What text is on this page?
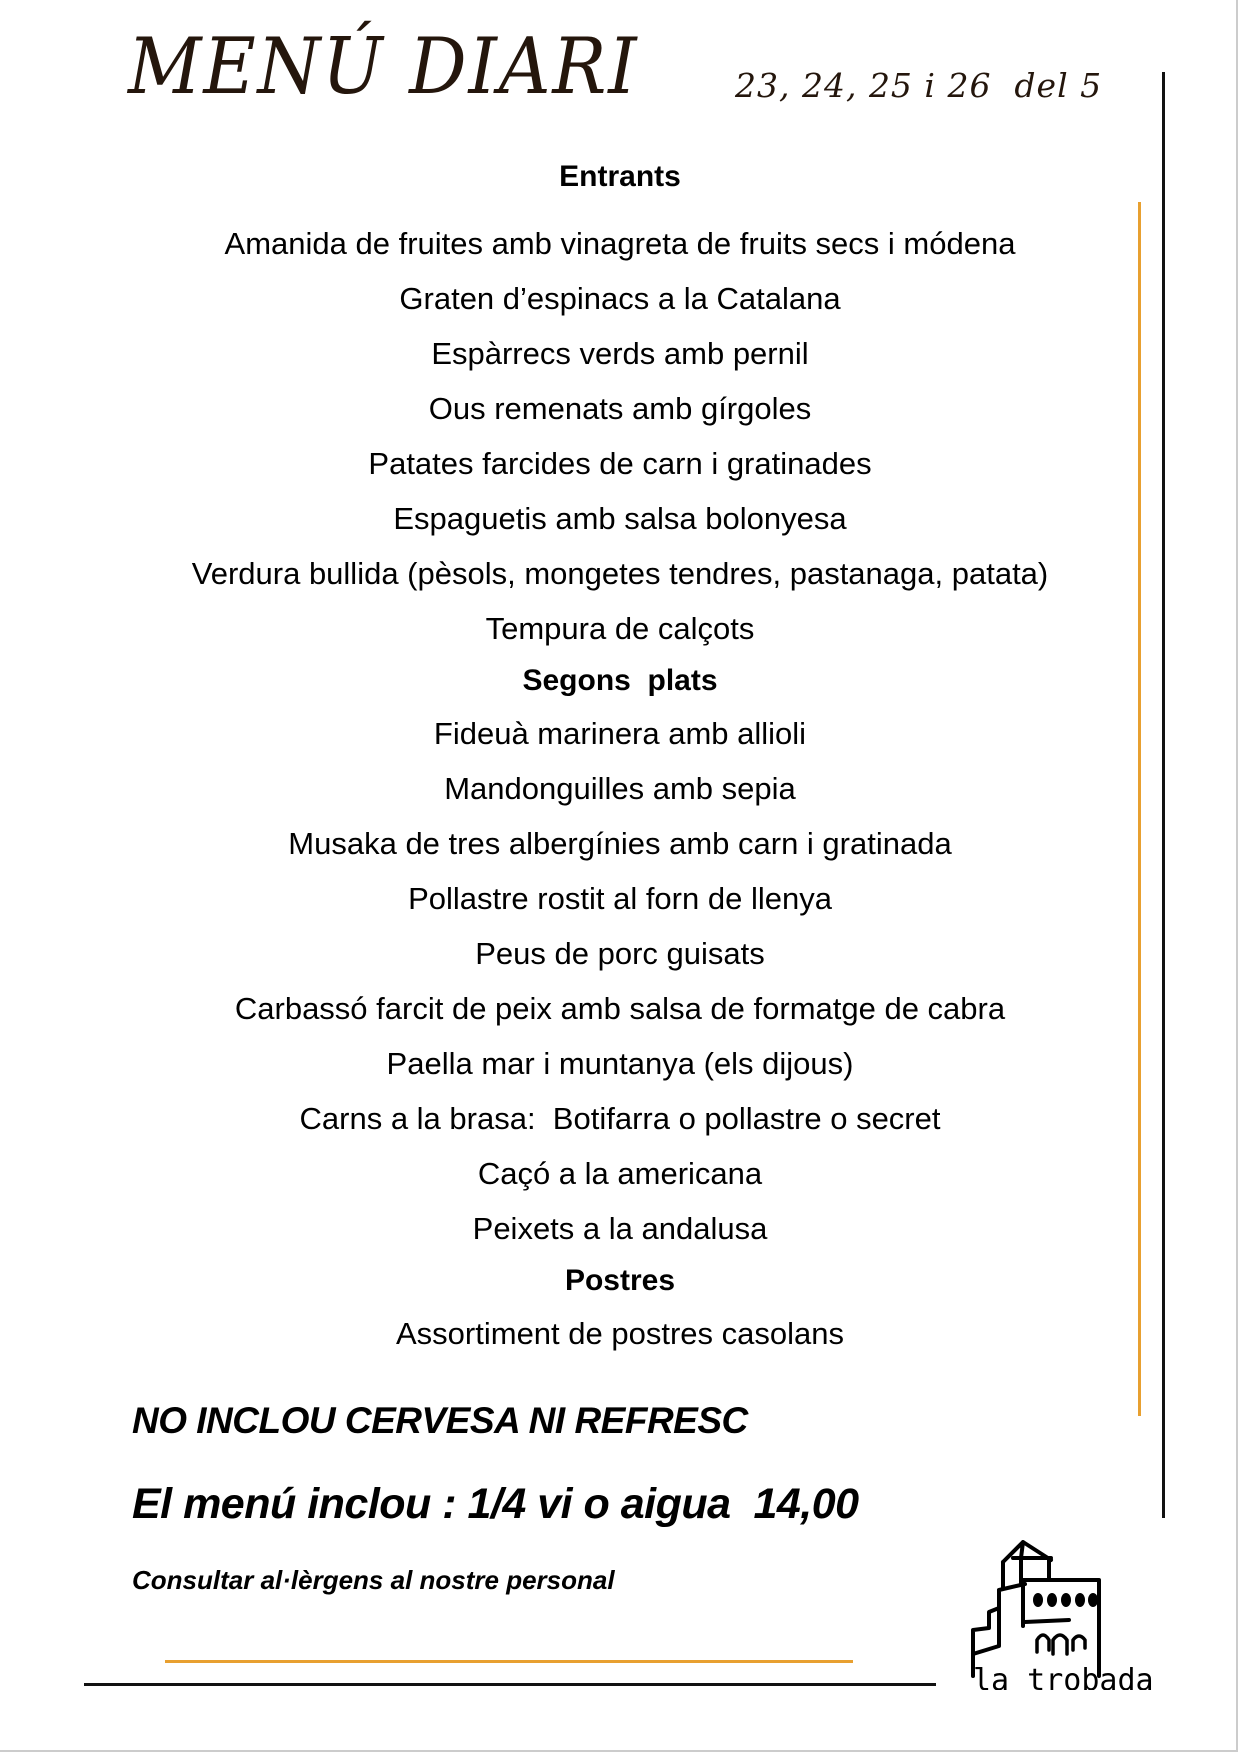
MENÚ DIARI	23, 24, 25 i 26  del 5
Entrants
Amanida de fruites amb vinagreta de fruits secs i módena
Graten d’espinacs a la Catalana
Espàrrecs verds amb pernil
Ous remenats amb gírgoles
Patates farcides de carn i gratinades
Espaguetis amb salsa bolonyesa
Verdura bullida (pèsols, mongetes tendres, pastanaga, patata)
Tempura de calçots
Segons  plats
Fideuà marinera amb allioli
Mandonguilles amb sepia
Musaka de tres albergínies amb carn i gratinada
Pollastre rostit al forn de llenya
Peus de porc guisats
Carbassó farcit de peix amb salsa de formatge de cabra
Paella mar i muntanya (els dijous)
Carns a la brasa:  Botifarra o pollastre o secret
Caçó a la americana
Peixets a la andalusa
Postres
Assortiment de postres casolans
NO INCLOU CERVESA NI REFRESC
El menú inclou : 1/4 vi o aigua  14,00
Consultar al·lèrgens al nostre personal
la trobada
